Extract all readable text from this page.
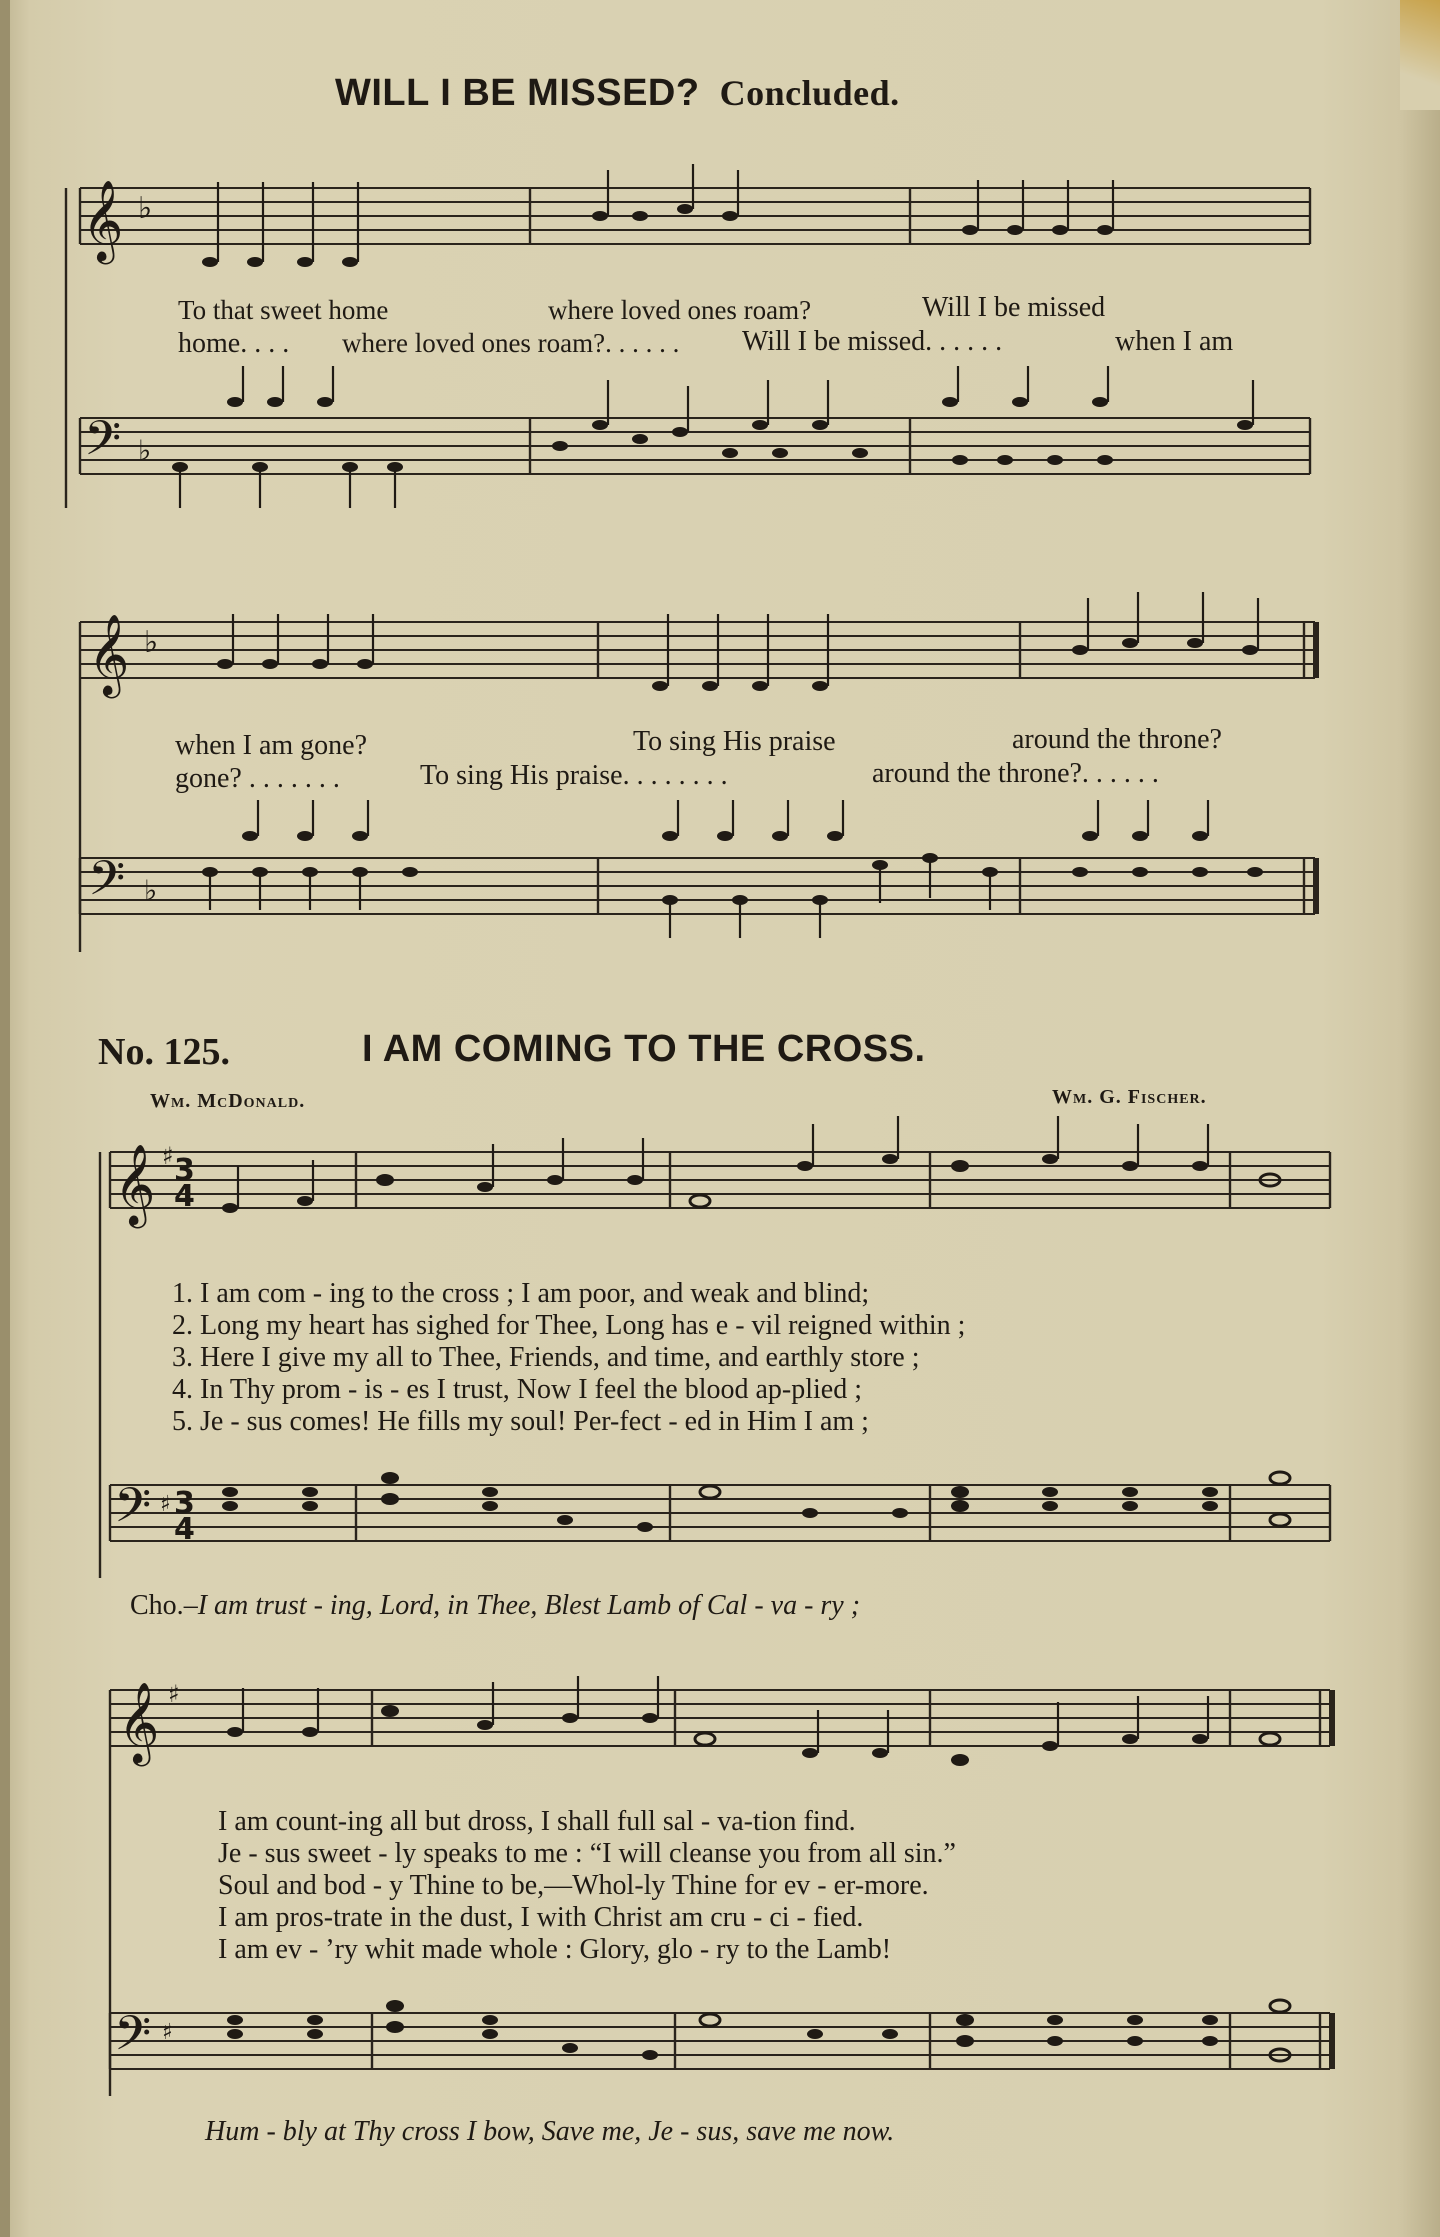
WILL I BE MISSED? Concluded.
𝄞 ♭
To that sweet home	where loved ones roam?	Will I be missed
home. . . . where loved ones roam?. . . . . . Will I be missed. . . . . .	when I am
𝄢 ♭
𝄞 ♭
when I am gone?	To sing His praise	around the throne?
gone? . . . . . . .	To sing His praise. . . . . . . .	around the throne?. . . . . .
𝄢 ♭
No. 125.	I AM COMING TO THE CROSS.
Wm. McDonald.	Wm. G. Fischer.
𝄞 ♯ 3
4
1. I am com - ing to the cross ; I am poor, and weak and blind;
2. Long my heart has sighed for Thee, Long has e - vil reigned within ;
3. Here I give my all to Thee, Friends, and time, and earthly store ;
4. In Thy prom - is - es I trust, Now I feel the blood ap-plied ;
5. Je - sus comes! He fills my soul! Per-fect - ed in Him I am ;
𝄢 ♯ 3
4
Cho.–I am trust - ing, Lord, in Thee, Blest Lamb of Cal - va - ry ;
𝄞 ♯
I am count-ing all but dross, I shall full sal - va-tion find.
Je - sus sweet - ly speaks to me : “I will cleanse you from all sin.”
Soul and bod - y Thine to be,—Whol-ly Thine for ev - er-more.
I am pros-trate in the dust, I with Christ am cru - ci - fied.
I am ev - ’ry whit made whole : Glory, glo - ry to the Lamb!
𝄢 ♯
Hum - bly at Thy cross I bow, Save me, Je - sus, save me now.
